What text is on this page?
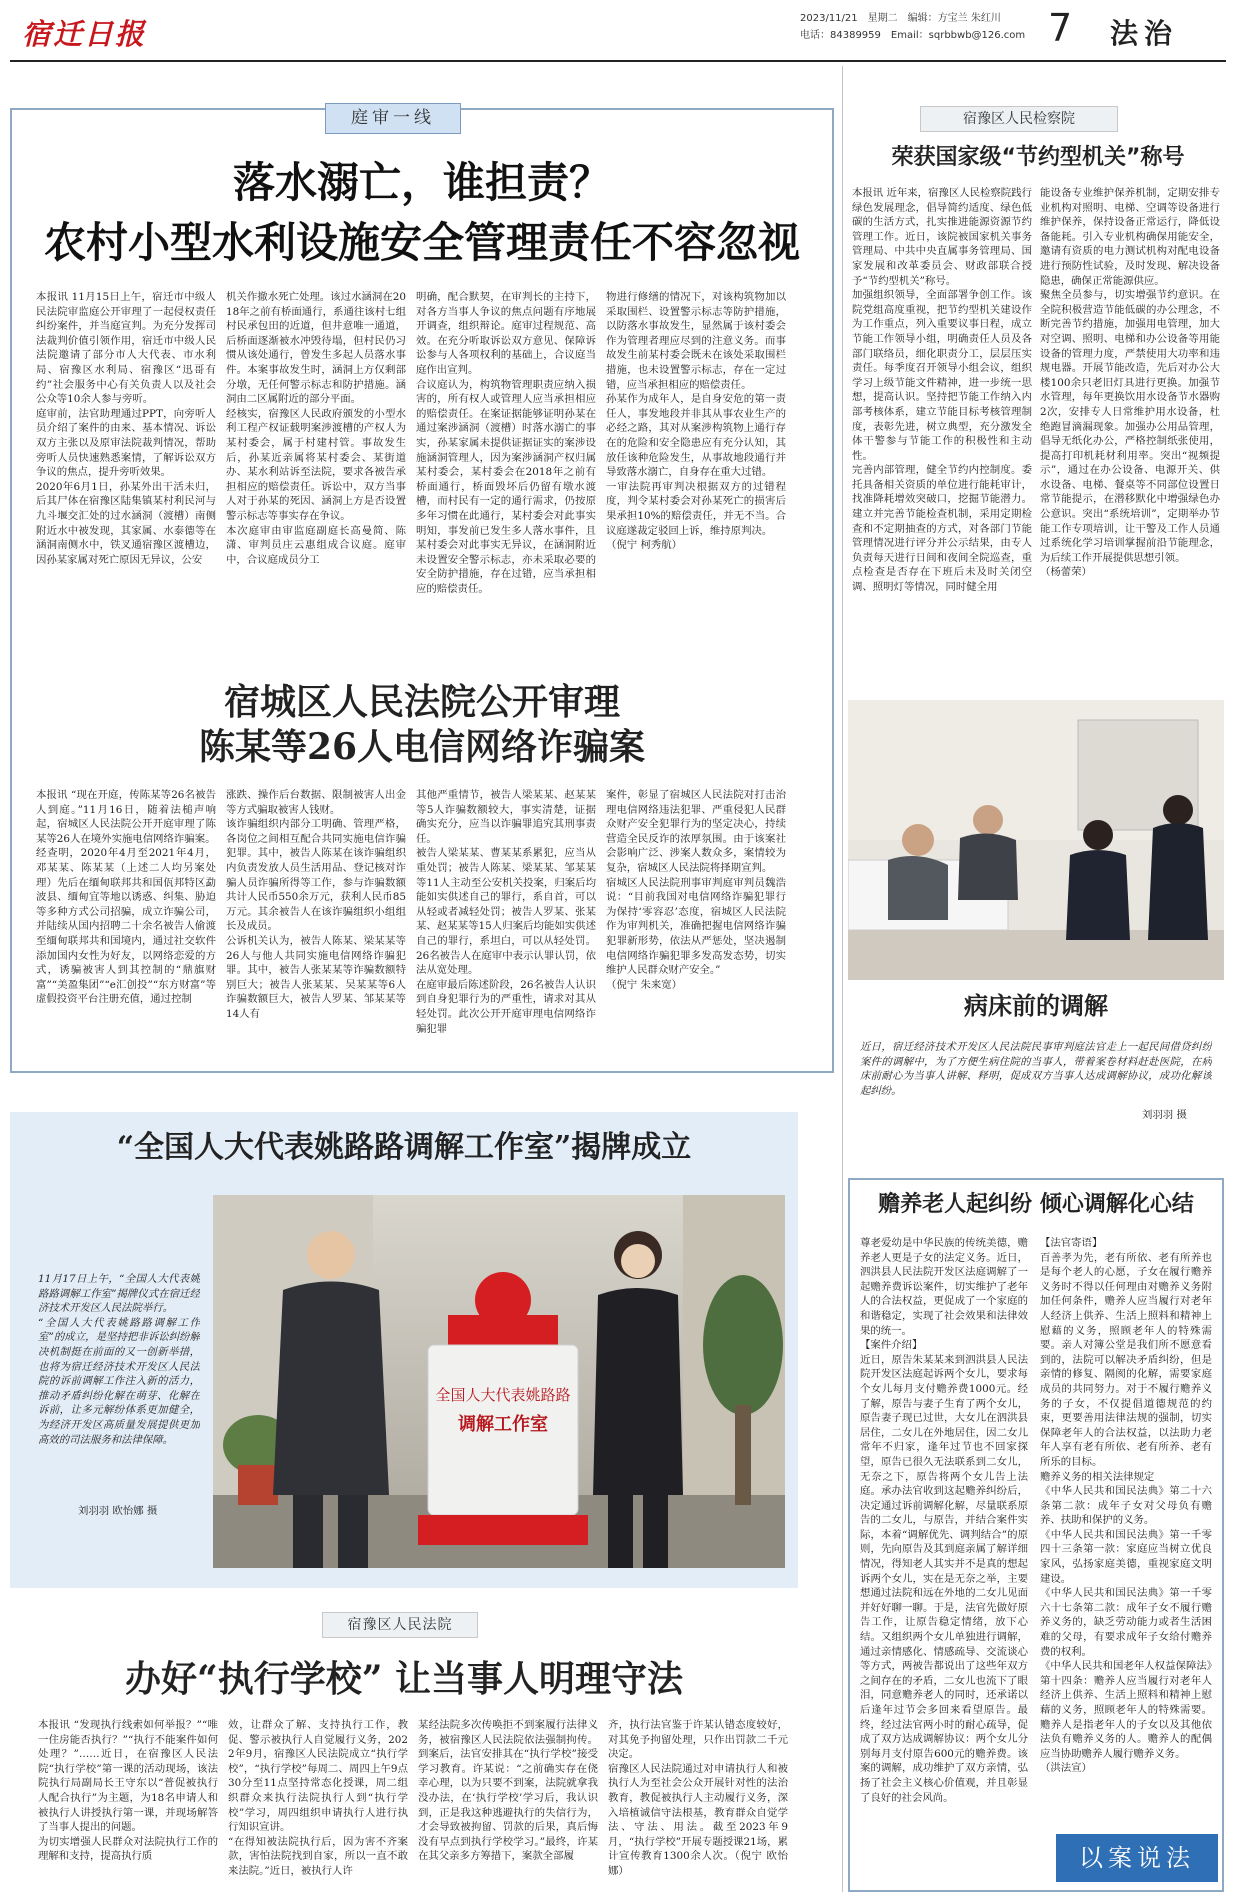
宿迁日报	2023/11/21　 星期二　 编辑：方宝兰 朱红川
电话：84389959　 Email：sqrbbwb@126.com 7 法治
庭审一线
落水溺亡，谁担责？
农村小型水利设施安全管理责任不容忽视
本报讯 11月15日上午，宿迁市中级人民法院审监庭公开审理了一起侵权责任纠纷案件，并当庭宣判。为充分发挥司法裁判价值引领作用，宿迁市中级人民法院邀请了部分市人大代表、市水利局、宿豫区水利局、宿豫区“迅哥有约”社会服务中心有关负责人以及社会公众等10余人参与旁听。
庭审前，法官助理通过PPT，向旁听人员介绍了案件的由来、基本情况、诉讼双方主张以及原审法院裁判情况，帮助旁听人员快速熟悉案情，了解诉讼双方争议的焦点，提升旁听效果。
2020年6月1日，孙某外出干活未归，后其尸体在宿豫区陆集镇某村利民河与九斗堰交汇处的过水涵洞（渡槽）南侧附近水中被发现，其家属、水泰德等在涵洞南侧水中，铁叉通宿豫区渡槽边，因孙某家属对死亡原因无异议，公安
机关作撤水死亡处理。该过水涵洞在2018年之前有桥面通行，系通往该村七组村民承包田的近道，但井意唯一通道，后桥面逐渐被水冲毁待塌，但村民仍习惯从该处通行，曾发生多起人员落水事件。本案事故发生时，涵洞上方仅剩部分墩，无任何警示标志和防护措施。涵洞由二区属附近的部分平面。
经核实，宿豫区人民政府颁发的小型水利工程产权证载明案涉渡槽的产权人为某村委会，属于村建村管。事故发生后，孙某近亲属将某村委会、某街道办、某水利站诉至法院，要求各被告承担相应的赔偿责任。诉讼中，双方当事人对于孙某的死因、涵洞上方是否设置警示标志等事实存在争议。
本次庭审由审监庭副庭长高曼简、陈潇、审判员庄云惠组成合议庭。庭审中，合议庭成员分工
明确，配合默契，在审判长的主持下，对各方当事人争议的焦点问题有序地展开调查，组织辩论。庭审过程规范、高效。在充分听取诉讼双方意见、保障诉讼参与人各项权利的基础上，合议庭当庭作出宣判。
合议庭认为，构筑物管理职责应纳入损害的，所有权人或管理人应当承担相应的赔偿责任。在案证据能够证明孙某在通过案涉涵洞（渡槽）时落水溺亡的事实，孙某家属未提供证据证实的案涉设施涵洞管理人，因为案涉涵洞产权归属某村委会，某村委会在2018年之前有桥面通行，桥面毁坏后仍留有墩水渡槽，而村民有一定的通行需求，仍按原多年习惯在此通行，某村委会对此事实明知，事发前已发生多人落水事件，且某村委会对此事实无异议，在涵洞附近未设置安全警示标志，亦未采取必要的安全防护措施，存在过错，应当承担相应的赔偿责任。
物进行修缮的情况下，对该构筑物加以采取围栏、设置警示标志等防护措施，以防落水事故发生，显然属于该村委会作为管理者理应尽到的注意义务。而事故发生前某村委会既未在该处采取围栏措施，也未设置警示标志，存在一定过错，应当承担相应的赔偿责任。
孙某作为成年人，是自身安危的第一责任人，事发地段并非其从事农业生产的必经之路，其对从案涉构筑物上通行存在的危险和安全隐患应有充分认知，其放任该种危险发生，从事故地段通行并导致落水溺亡，自身存在重大过错。
一审法院再审判决根据双方的过错程度，判令某村委会对孙某死亡的损害后果承担10%的赔偿责任，并无不当。合议庭遂裁定驳回上诉，维持原判决。
（倪宁 柯秀航）
宿城区人民法院公开审理
陈某等26人电信网络诈骗案
本报讯 “现在开庭，传陈某等26名被告人到庭。”11月16日，随着法槌声响起，宿城区人民法院公开开庭审理了陈某等26人在境外实施电信网络诈骗案。
经查明，2020年4月至2021年4月，邓某某、陈某某（上述二人均另案处理）先后在缅甸联邦共和国佤邦特区勐波县、缅甸宜等地以诱惑、纠集、胁迫等多种方式公司招骗，成立诈骗公司，并陆续从国内招聘二十余名被告人偷渡至缅甸联邦共和国境内，通过社交软件添加国内女性为好友，以网络恋爱的方式，诱骗被害人到其控制的“鼎旗财富”“美盈集团”“e汇创投”“东方财富”等虚假投资平台注册充值，通过控制
涨跌、操作后台数据、限制被害人出金等方式骗取被害人钱财。
该诈骗组织内部分工明确、管理严格，各岗位之间相互配合共同实施电信诈骗犯罪。其中，被告人陈某在该诈骗组织内负责发放人员生活用品、登记核对诈骗人员诈骗所得等工作，参与诈骗数额共计人民币550余万元，获利人民币85万元。其余被告人在该诈骗组织小组组长及成员。
公诉机关认为，被告人陈某、梁某某等26人与他人共同实施电信网络诈骗犯罪。其中，被告人张某某等诈骗数额特别巨大；被告人张某某、吴某某等6人诈骗数额巨大，被告人罗某、邹某某等14人有
其他严重情节，被告人梁某某、赵某某等5人诈骗数额较大，事实清楚，证据确实充分，应当以诈骗罪追究其刑事责任。
被告人梁某某、曹某某系累犯，应当从重处罚；被告人陈某、梁某某、邹某某等11人主动至公安机关投案，归案后均能如实供述自己的罪行，系自首，可以从轻或者减轻处罚；被告人罗某、张某某、赵某某等15人归案后均能如实供述自己的罪行，系坦白，可以从轻处罚。26名被告人在庭审中表示认罪认罚，依法从宽处理。
在庭审最后陈述阶段，26名被告人认识到自身犯罪行为的严重性，请求对其从轻处罚。此次公开开庭审理电信网络诈骗犯罪
案件，彰显了宿城区人民法院对打击治理电信网络违法犯罪、严重侵犯人民群众财产安全犯罪行为的坚定决心，持续营造全民反诈的浓厚氛围。由于该案社会影响广泛、涉案人数众多，案情较为复杂，宿城区人民法院将择期宣判。
宿城区人民法院刑事审判庭审判员魏浩说：“目前我国对电信网络诈骗犯罪行为保持‘零容忍’态度，宿城区人民法院作为审判机关，准确把握电信网络诈骗犯罪新形势，依法从严惩处，坚决遏制电信网络诈骗犯罪多发高发态势，切实维护人民群众财产安全。”
（倪宁 朱来宽）
“全国人大代表姚路路调解工作室”揭牌成立
11月17日上午，“全国人大代表姚路路调解工作室”揭牌仪式在宿迁经济技术开发区人民法院举行。
“全国人大代表姚路路调解工作室”的成立，是坚持把非诉讼纠纷解决机制挺在前面的又一创新举措，也将为宿迁经济技术开发区人民法院的诉前调解工作注入新的活力，推动矛盾纠纷化解在萌芽、化解在诉前，让多元解纷体系更加健全，为经济开发区高质量发展提供更加高效的司法服务和法律保障。
刘羽羽 欧怡娜 摄
全国人大代表姚路路
调解工作室
宿豫区人民法院
办好“执行学校” 让当事人明理守法
本报讯 “发现执行线索如何举报？”“唯一住房能否执行？”“执行不能案件如何处理？”……近日，在宿豫区人民法院“执行学校”第一课的活动现场，该法院执行局副局长王守东以“普促被执行人配合执行”为主题，为18名申请人和被执行人讲授执行第一课，并现场解答了当事人提出的问题。
为切实增强人民群众对法院执行工作的理解和支持，提高执行质
效，让群众了解、支持执行工作，教促、警示被执行人自觉履行义务，2022年9月，宿豫区人民法院成立“执行学校”，“执行学校”每周二、周四上午9点30分至11点坚持常态化授课，周二组织群众来执行法院执行人到“执行学校”学习，周四组织申请执行人进行执行知识宣讲。
“在得知被法院执行后，因为害不齐案款，害怕法院找到自家，所以一直不敢来法院。”近日，被执行人许
某经法院多次传唤拒不到案履行法律义务，被宿豫区人民法院依法强制拘传。到案后，法官安排其在“执行学校”接受学习教育。许某说：“之前确实存在侥幸心理，以为只要不到案，法院就拿我没办法，在‘执行学校’学习后，我认识到，正是我这种逃避执行的失信行为，才会导致被拘留、罚款的后果，真后悔没有早点到执行学校学习。”最终，许某在其父亲多方筹措下，案款全部履
齐，执行法官鉴于许某认错态度较好，对其免予拘留处理，只作出罚款二千元决定。
宿豫区人民法院通过对申请执行人和被执行人为至社会公众开展针对性的法治教育，教促被执行人主动履行义务，深入培植诚信守法根基，教育群众自觉学法、守法、用法。截至2023年9月，“执行学校”开展专题授课21场，累计宣传教育1300余人次。（倪宁 欧怡娜）
宿豫区人民检察院
荣获国家级“节约型机关”称号
本报讯 近年来，宿豫区人民检察院践行绿色发展理念，倡导简约适度、绿色低碳的生活方式，扎实推进能源资源节约管理工作。近日，该院被国家机关事务管理局、中共中央直属事务管理局、国家发展和改革委员会、财政部联合授予“节约型机关”称号。
加强组织领导，全面部署争创工作。该院党组高度重视，把节约型机关建设作为工作重点，列入重要议事日程，成立节能工作领导小组，明确责任人员及各部门联络员，细化职责分工，层层压实责任。每季度召开领导小组会议，组织学习上级节能文件精神，进一步统一思想，提高认识。坚持把节能工作纳入内部考核体系，建立节能目标考核管理制度，表彰先进，树立典型，充分激发全体干警参与节能工作的积极性和主动性。
完善内部管理，健全节约内控制度。委托具备相关资质的单位进行能耗审计，找准降耗增效突破口，挖掘节能潜力。建立并完善节能检查机制，采用定期检查和不定期抽查的方式，对各部门节能管理情况进行评分并公示结果，由专人负责每天进行日间和夜间全院巡查，重点检查是否存在下班后未及时关闭空调、照明灯等情况，同时健全用
能设备专业维护保养机制，定期安排专业机构对照明、电梯、空调等设备进行维护保养，保持设备正常运行，降低设备能耗。引入专业机构确保用能安全，邀请有资质的电力测试机构对配电设备进行预防性试验，及时发现、解决设备隐患，确保正常能源供应。
聚焦全员参与，切实增强节约意识。在全院积极营造节能低碳的办公理念，不断完善节约措施，加强用电管理，加大对空调、照明、电梯和办公设备等用能设备的管理力度，严禁使用大功率和违规电器。开展节能改造，先后对办公大楼100余只老旧灯具进行更换。加强节水管理，每年更换饮用水设备节水器购2次，安排专人日常维护用水设备，杜绝跑冒滴漏现象。加强办公用品管理，倡导无纸化办公，严格控制纸张使用，提高打印机耗材利用率。突出“视频提示”，通过在办公设备、电源开关、供水设备、电梯、餐桌等不同部位设置日常节能提示，在潜移默化中增强绿色办公意识。突出“系统培训”，定期举办节能工作专项培训，让干警及工作人员通过系统化学习培训掌握前沿节能理念，为后续工作开展提供思想引领。
（杨蕾荣）
病床前的调解
近日，宿迁经济技术开发区人民法院民事审判庭法官走上一起民间借贷纠纷案件的调解中，为了方便生病住院的当事人，带着案卷材料赶赴医院，在病床前耐心为当事人讲解、释明，促成双方当事人达成调解协议，成功化解该起纠纷。
刘羽羽 摄
赡养老人起纠纷 倾心调解化心结
尊老爱幼是中华民族的传统美德，赡养老人更是子女的法定义务。近日，泗洪县人民法院开发区法庭调解了一起赡养费诉讼案件，切实维护了老年人的合法权益，更促成了一个家庭的和谐稳定，实现了社会效果和法律效果的统一。
【案件介绍】
近日，原告朱某某来到泗洪县人民法院开发区法庭起诉两个女儿，要求每个女儿每月支付赡养费1000元。经了解，原告与妻子生育了两个女儿，原告妻子现已过世，大女儿在泗洪县居住，二女儿在外地居住，因二女儿常年不归家，逢年过节也不回家探望，原告已很久无法联系到二女儿，无奈之下，原告将两个女儿告上法庭。承办法官收到这起赡养纠纷后，决定通过诉前调解化解，尽量联系原告的二女儿，与原告，并结合案件实际，本着“调解优先、调判结合”的原则，先向原告及其到庭亲属了解详细情况，得知老人其实并不是真的想起诉两个女儿，实在是无奈之举，主要想通过法院和远在外地的二女儿见面并好好聊一聊。于是，法官先做好原告工作，让原告稳定情绪，放下心结。又组织两个女儿单独进行调解，通过亲情感化、情感疏导、交流谈心等方式，两被告都说出了这些年双方之间存在的矛盾，二女儿也流下了眼泪，同意赡养老人的同时，还承诺以后逢年过节会多回来看望原告。最终，经过法官两小时的耐心疏导，促成了双方达成调解协议：两个女儿分别每月支付原告600元的赡养费。该案的调解，成功维护了双方亲情，弘扬了社会主义核心价值观，并且彰显了良好的社会风尚。
【法官寄语】
百善孝为先，老有所依、老有所养也是每个老人的心愿，子女在履行赡养义务时不得以任何理由对赡养义务附加任何条件，赡养人应当履行对老年人经济上供养、生活上照料和精神上慰藉的义务，照顾老年人的特殊需要。亲人对簿公堂是我们所不愿意看到的，法院可以解决矛盾纠纷，但是亲情的修复、隔阂的化解，需要家庭成员的共同努力。对于不履行赡养义务的子女，不仅提倡道德规范的约束，更要善用法律法规的强制，切实保障老年人的合法权益，以法助力老年人享有老有所依、老有所养、老有所乐的目标。
赡养义务的相关法律规定
《中华人民共和国民法典》第二十六条第二款：成年子女对父母负有赡养、扶助和保护的义务。
《中华人民共和国民法典》第一千零四十三条第一款：家庭应当树立优良家风，弘扬家庭美德，重视家庭文明建设。
《中华人民共和国民法典》第一千零六十七条第二款：成年子女不履行赡养义务的，缺乏劳动能力或者生活困难的父母，有要求成年子女给付赡养费的权利。
《中华人民共和国老年人权益保障法》第十四条：赡养人应当履行对老年人经济上供养、生活上照料和精神上慰藉的义务，照顾老年人的特殊需要。赡养人是指老年人的子女以及其他依法负有赡养义务的人。赡养人的配偶应当协助赡养人履行赡养义务。
（洪法宣）
以案说法
